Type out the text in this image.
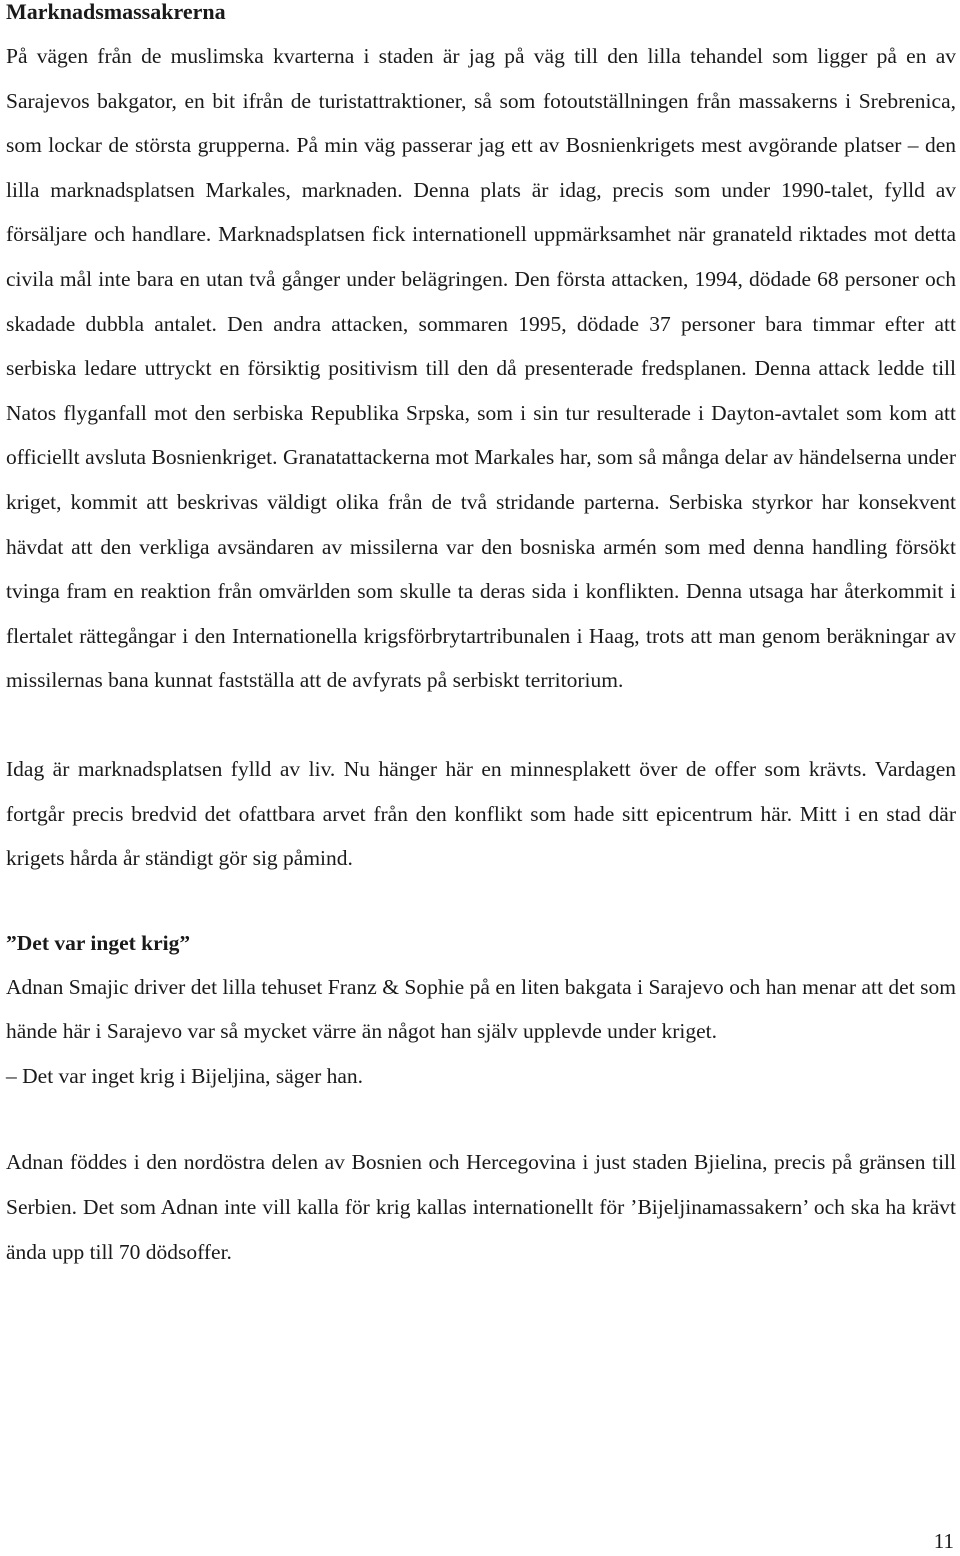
Marknadsmassakrerna

På vägen från de muslimska kvarterna i staden är jag på väg till den lilla tehandel som ligger på en av Sarajevos bakgator, en bit ifrån de turistattraktioner, så som fotoutställningen från massakerns i Srebrenica, som lockar de största grupperna. På min väg passerar jag ett av Bosnienkrigets mest avgörande platser – den lilla marknadsplatsen Markales, marknaden. Denna plats är idag, precis som under 1990-talet, fylld av försäljare och handlare. Marknadsplatsen fick internationell uppmärksamhet när granateld riktades mot detta civila mål inte bara en utan två gånger under belägringen. Den första attacken, 1994, dödade 68 personer och skadade dubbla antalet. Den andra attacken, sommaren 1995, dödade 37 personer bara timmar efter att serbiska ledare uttryckt en försiktig positivism till den då presenterade fredsplanen. Denna attack ledde till Natos flyganfall mot den serbiska Republika Srpska, som i sin tur resulterade i Dayton-avtalet som kom att officiellt avsluta Bosnienkriget. Granatattackerna mot Markales har, som så många delar av händelserna under kriget, kommit att beskrivas väldigt olika från de två stridande parterna. Serbiska styrkor har konsekvent hävdat att den verkliga avsändaren av missilerna var den bosniska armén som med denna handling försökt tvinga fram en reaktion från omvärlden som skulle ta deras sida i konflikten. Denna utsaga har återkommit i flertalet rättegångar i den Internationella krigsförbrytartribunalen i Haag, trots att man genom beräkningar av missilernas bana kunnat fastställa att de avfyrats på serbiskt territorium.

Idag är marknadsplatsen fylld av liv. Nu hänger här en minnesplakett över de offer som krävts. Vardagen fortgår precis bredvid det ofattbara arvet från den konflikt som hade sitt epicentrum här. Mitt i en stad där krigets hårda år ständigt gör sig påmind.

”Det var inget krig”

Adnan Smajic driver det lilla tehuset Franz & Sophie på en liten bakgata i Sarajevo och han menar att det som hände här i Sarajevo var så mycket värre än något han själv upplevde under kriget.

– Det var inget krig i Bijeljina, säger han.

Adnan föddes i den nordöstra delen av Bosnien och Hercegovina i just staden Bjielina, precis på gränsen till Serbien. Det som Adnan inte vill kalla för krig kallas internationellt för ’Bijeljinamassakern’ och ska ha krävt ända upp till 70 dödsoffer.

11
